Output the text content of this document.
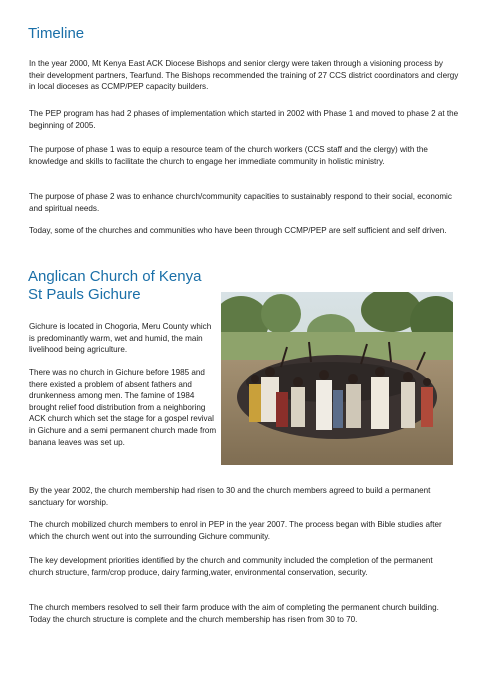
Timeline

In the year 2000, Mt Kenya East ACK Diocese Bishops and senior clergy were taken through a visioning process by their development partners, Tearfund. The Bishops recommended the training of 27 CCS district coordinators and clergy in local dioceses as CCMP/PEP capacity builders.

The PEP program has had 2 phases of implementation which started in 2002 with Phase 1 and moved to phase 2 at the beginning of 2005.

The purpose of phase 1 was to equip a resource team of the church workers (CCS staff and the clergy) with the knowledge and skills to facilitate the church to engage her immediate community in holistic ministry.

The purpose of phase 2 was to enhance church/community capacities to sustainably respond to their social, economic and spiritual needs.

Today, some of the churches and communities who have been through CCMP/PEP are self sufficient and self driven.

Anglican Church of Kenya
St Pauls Gichure

Gichure is located in Chogoria, Meru County which is predominantly warm, wet and humid, the main livelihood being agriculture.

There was no church in Gichure before 1985 and there existed a problem of absent fathers and drunkenness among men. The famine of 1984 brought relief food distribution from a neighboring ACK church which set the stage for a gospel revival in Gichure and a semi permanent church made from banana leaves was set up.

By the year 2002, the church membership had risen to 30 and the church members agreed to build a permanent sanctuary for worship.

The church mobilized church members to enrol in PEP in the year 2007. The process began with Bible studies after which the church went out into the surrounding Gichure community.

The key development priorities identified by the church and community included the completion of the permanent church structure, farm/crop produce, dairy farming,water, environmental conservation, security.

The church members resolved to sell their farm produce with the aim of completing the permanent church building. Today the church structure is complete and the church membership has risen from 30 to 70.
